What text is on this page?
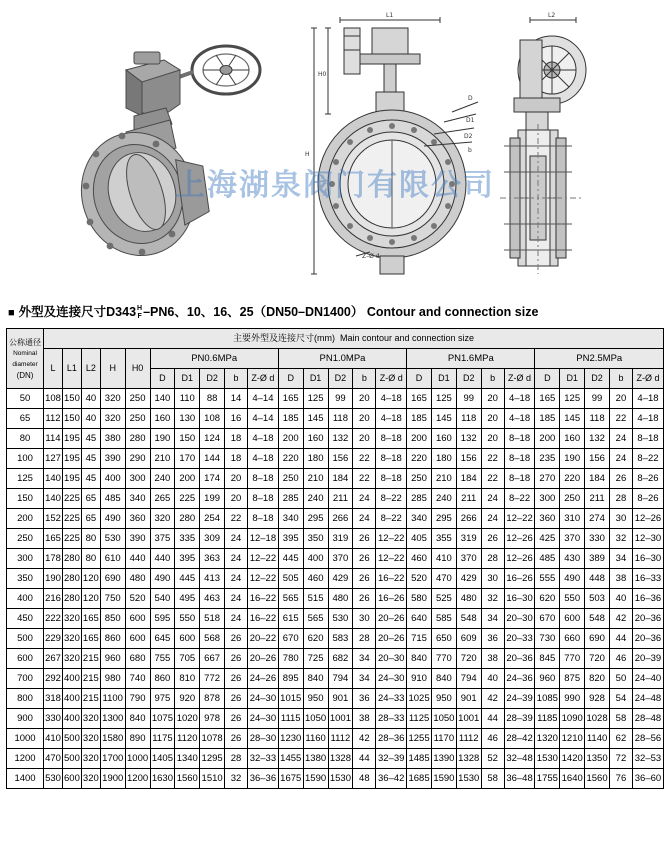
L1
H0
H
D
D1
D2
b
Z–Ø d
L2
上海湖泉阀门有限公司
■ 外型及连接尺寸D343H
F–PN6、10、16、25（DN50–DN1400） Contour and connection size
公称通径
Nominal
diameter
(DN)	主要外型及连接尺寸(mm) Main contour and connection size																								
	L	L1	L2	H	H0	PN0.6MPa					PN1.0MPa					PN1.6MPa					PN2.5MPa				
						D	D1	D2	b	Z-Ø d	D	D1	D2	b	Z-Ø d	D	D1	D2	b	Z-Ø d	D	D1	D2	b	Z-Ø d
50	108	150	40	320	250	140	110	88	14	4–14	165	125	99	20	4–18	165	125	99	20	4–18	165	125	99	20	4–18
65	112	150	40	320	250	160	130	108	16	4–14	185	145	118	20	4–18	185	145	118	20	4–18	185	145	118	22	4–18
80	114	195	45	380	280	190	150	124	18	4–18	200	160	132	20	8–18	200	160	132	20	8–18	200	160	132	24	8–18
100	127	195	45	390	290	210	170	144	18	4–18	220	180	156	22	8–18	220	180	156	22	8–18	235	190	156	24	8–22
125	140	195	45	400	300	240	200	174	20	8–18	250	210	184	22	8–18	250	210	184	22	8–18	270	220	184	26	8–26
150	140	225	65	485	340	265	225	199	20	8–18	285	240	211	24	8–22	285	240	211	24	8–22	300	250	211	28	8–26
200	152	225	65	490	360	320	280	254	22	8–18	340	295	266	24	8–22	340	295	266	24	12–22	360	310	274	30	12–26
250	165	225	80	530	390	375	335	309	24	12–18	395	350	319	26	12–22	405	355	319	26	12–26	425	370	330	32	12–30
300	178	280	80	610	440	440	395	363	24	12–22	445	400	370	26	12–22	460	410	370	28	12–26	485	430	389	34	16–30
350	190	280	120	690	480	490	445	413	24	12–22	505	460	429	26	16–22	520	470	429	30	16–26	555	490	448	38	16–33
400	216	280	120	750	520	540	495	463	24	16–22	565	515	480	26	16–26	580	525	480	32	16–30	620	550	503	40	16–36
450	222	320	165	850	600	595	550	518	24	16–22	615	565	530	30	20–26	640	585	548	34	20–30	670	600	548	42	20–36
500	229	320	165	860	600	645	600	568	26	20–22	670	620	583	28	20–26	715	650	609	36	20–33	730	660	690	44	20–36
600	267	320	215	960	680	755	705	667	26	20–26	780	725	682	34	20–30	840	770	720	38	20–36	845	770	720	46	20–39
700	292	400	215	980	740	860	810	772	26	24–26	895	840	794	34	24–30	910	840	794	40	24–36	960	875	820	50	24–40
800	318	400	215	1100	790	975	920	878	26	24–30	1015	950	901	36	24–33	1025	950	901	42	24–39	1085	990	928	54	24–48
900	330	400	320	1300	840	1075	1020	978	26	24–30	1115	1050	1001	38	28–33	1125	1050	1001	44	28–39	1185	1090	1028	58	28–48
1000	410	500	320	1580	890	1175	1120	1078	26	28–30	1230	1160	1112	42	28–36	1255	1170	1112	46	28–42	1320	1210	1140	62	28–56
1200	470	500	320	1700	1000	1405	1340	1295	28	32–33	1455	1380	1328	44	32–39	1485	1390	1328	52	32–48	1530	1420	1350	72	32–53
1400	530	600	320	1900	1200	1630	1560	1510	32	36–36	1675	1590	1530	48	36–42	1685	1590	1530	58	36–48	1755	1640	1560	76	36–60
